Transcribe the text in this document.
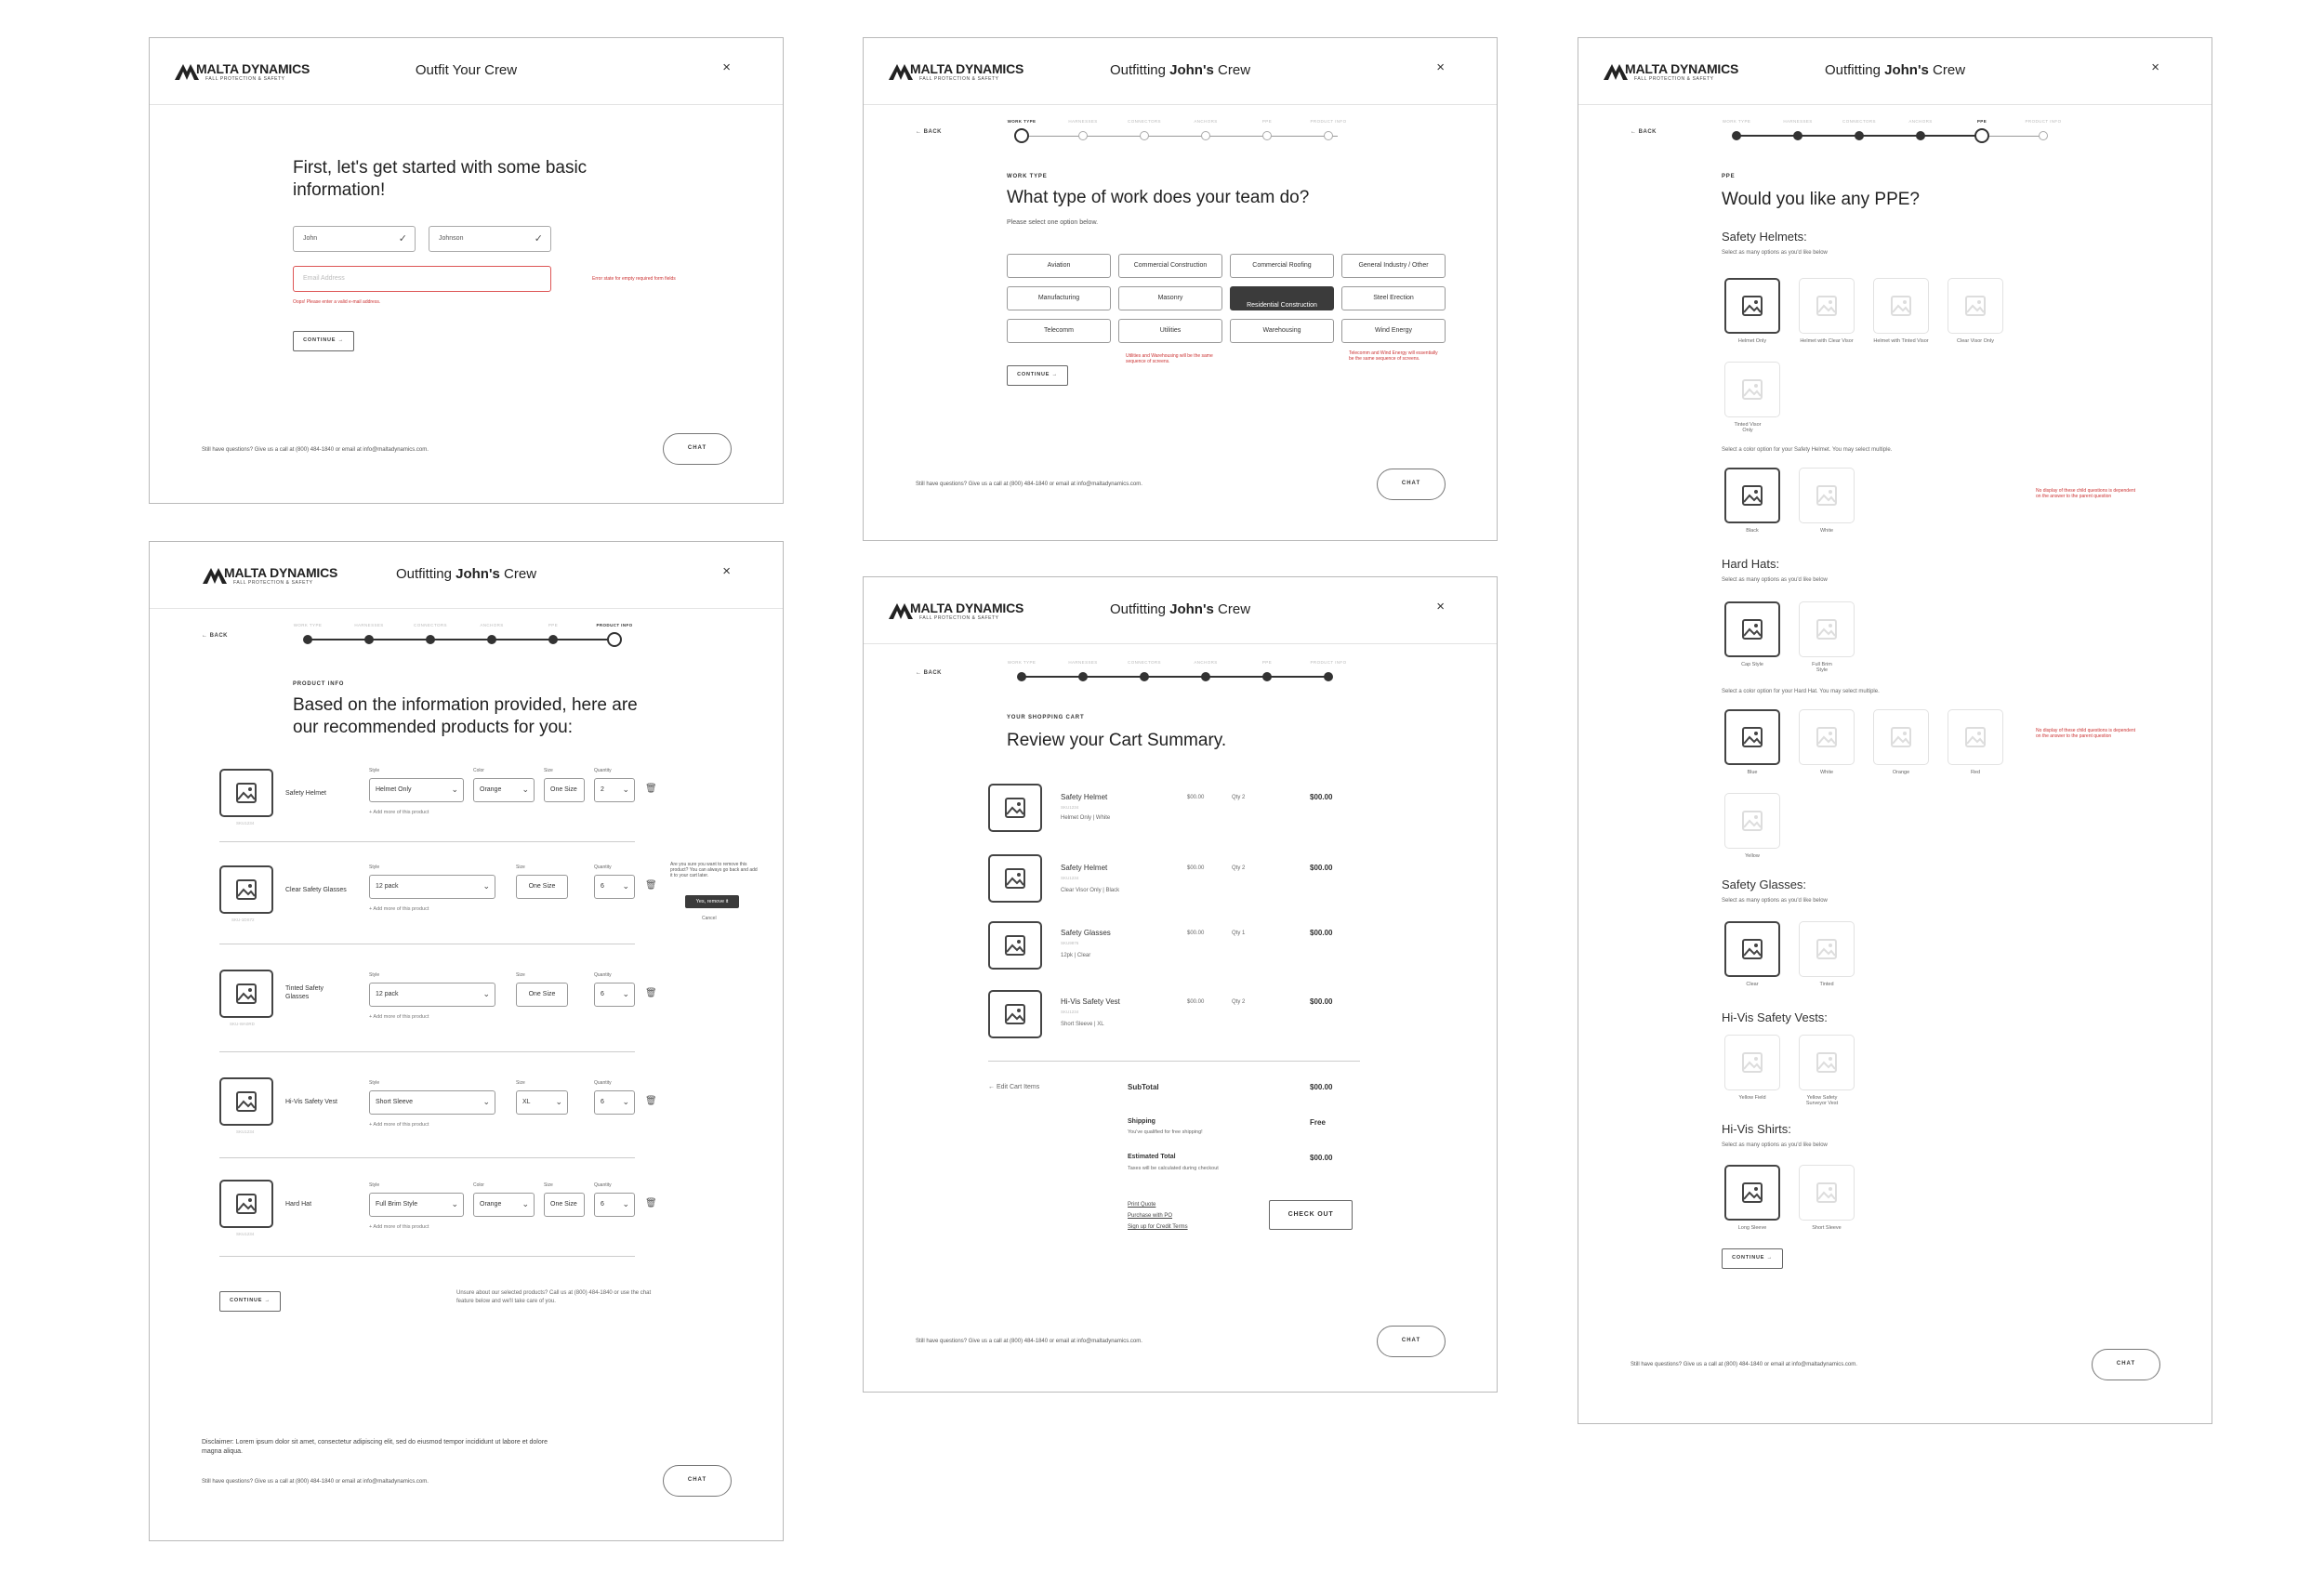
MALTA DYNAMICS
FALL PROTECTION & SAFETY
Outfit Your Crew	×
First, let's get started with some basic information!
John	✓	Johnson	✓
Email Address	Error state for empty required form fields
Oops! Please enter a valid e-mail address.
CONTINUE →
Still have questions? Give us a call at (800) 484-1840 or email at info@maltadynamics.com.	CHAT
MALTA DYNAMICS
FALL PROTECTION & SAFETY
Outfitting John's Crew	×
← BACK
WORK TYPE	HARNESSES	CONNECTORS	ANCHORS	PPE	PRODUCT INFO
WORK TYPE
What type of work does your team do?
Please select one option below.
Aviation	Commercial Construction	Commercial Roofing	General Industry / Other
Manufacturing	Masonry
Residential Construction
Steel Erection
Telecomm	Utilities	Warehousing	Wind Energy
Utilities and Warehousing will be the same sequence of screens.
Telecomm and Wind Energy will essentially be the same sequence of screens.
CONTINUE →
Still have questions? Give us a call at (800) 484-1840 or email at info@maltadynamics.com.	CHAT
MALTA DYNAMICS
FALL PROTECTION & SAFETY
Outfitting John's Crew	×
← BACK
WORK TYPE	HARNESSES	CONNECTORS	ANCHORS	PPE	PRODUCT INFO
PPE
Would you like any PPE?
Safety Helmets:
Select as many options as you'd like below
Helmet Only	Helmet with Clear Visor	Helmet with Tinted Visor	Clear Visor Only
Tinted Visor Only
Select a color option for your Safety Helmet. You may select multiple.
Black	White
No display of these child questions is dependent on the answer to the parent question
Hard Hats:
Select as many options as you'd like below
Cap Style	Full Brim Style
Select a color option for your Hard Hat. You may select multiple.
Blue	White	Orange	Red
No display of these child questions is dependent on the answer to the parent question
Yellow
Safety Glasses:
Select as many options as you'd like below
Clear	Tinted
Hi-Vis Safety Vests:
Yellow Field	Yellow Safety Surveyor Vest
Hi-Vis Shirts:
Select as many options as you'd like below
Long Sleeve	Short Sleeve
CONTINUE →
Still have questions? Give us a call at (800) 484-1840 or email at info@maltadynamics.com.	CHAT
MALTA DYNAMICS
FALL PROTECTION & SAFETY
Outfitting John's Crew	×
← BACK
WORK TYPE	HARNESSES	CONNECTORS	ANCHORS	PPE	PRODUCT INFO
PRODUCT INFO
Based on the information provided, here are our recommended products for you:
SKU1234
Safety Helmet
Style
Helmet Only	⌄
Color
Orange ⌄
Size
One Size
Quantity
2 ⌄ 🗑
+ Add more of this product
SKU-1DS72
Clear Safety Glasses
Style
12 pack	⌄
Size
One Size
Quantity
6 ⌄ 🗑
+ Add more of this product
Are you sure you want to remove this product? You can always go back and add it to your cart later.
Yes, remove it
Cancel
SKU-WA0RD
Tinted Safety Glasses
Style
12 pack	⌄
Size
One Size
Quantity
6 ⌄ 🗑
+ Add more of this product
SKU1234
Hi-Vis Safety Vest
Style
Short Sleeve	⌄
Size
XL	⌄
Quantity
6 ⌄ 🗑
+ Add more of this product
SKU1234
Hard Hat
Style
Full Brim Style	⌄
Color
Orange ⌄
Size
One Size
Quantity
6 ⌄ 🗑
+ Add more of this product
CONTINUE →
Unsure about our selected products? Call us at (800) 484-1840 or use the chat feature below and we'll take care of you.
Disclaimer: Lorem ipsum dolor sit amet, consectetur adipiscing elit, sed do eiusmod tempor incididunt ut labore et dolore magna aliqua.
Still have questions? Give us a call at (800) 484-1840 or email at info@maltadynamics.com.	CHAT
MALTA DYNAMICS
FALL PROTECTION & SAFETY
Outfitting John's Crew	×
← BACK
WORK TYPE	HARNESSES	CONNECTORS	ANCHORS	PPE	PRODUCT INFO
YOUR SHOPPING CART
Review your Cart Summary.
Safety Helmet
SKU1234
Helmet Only | White
$00.00	Qty 2	$00.00
Safety Helmet
SKU1234
Clear Visor Only | Black
$00.00	Qty 2	$00.00
Safety Glasses
SKU9876
12pk | Clear
$00.00	Qty 1	$00.00
Hi-Vis Safety Vest
SKU1234
Short Sleeve | XL
$00.00	Qty 2	$00.00
← Edit Cart Items	SubTotal	$00.00
Shipping
You've qualified for free shipping!
Free
Estimated Total
Taxes will be calculated during checkout
$00.00
Print Quote
Purchase with PO
Sign up for Credit Terms
CHECK OUT
Still have questions? Give us a call at (800) 484-1840 or email at info@maltadynamics.com.	CHAT
